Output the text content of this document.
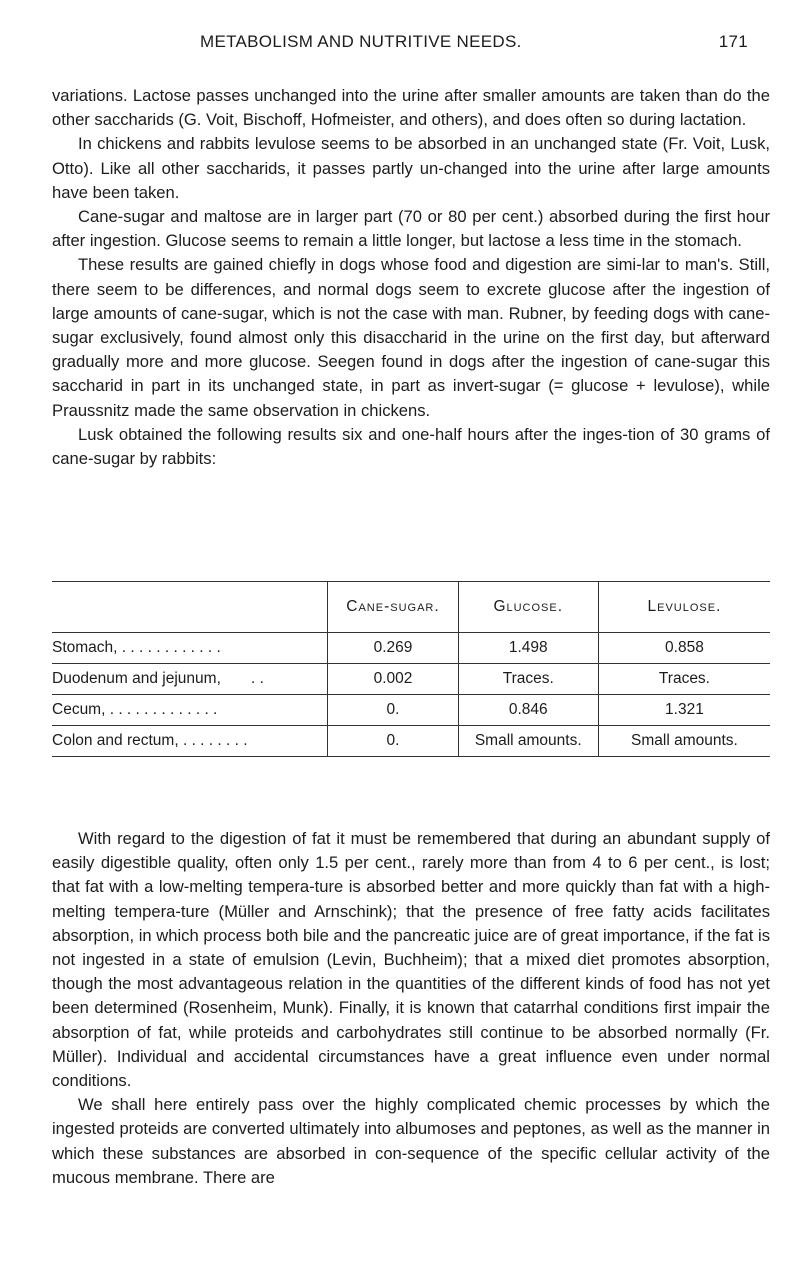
METABOLISM AND NUTRITIVE NEEDS.	171

variations. Lactose passes unchanged into the urine after smaller amounts are taken than do the other saccharids (G. Voit, Bischoff, Hofmeister, and others), and does often so during lactation.

In chickens and rabbits levulose seems to be absorbed in an unchanged state (Fr. Voit, Lusk, Otto). Like all other saccharids, it passes partly un-changed into the urine after large amounts have been taken.

Cane-sugar and maltose are in larger part (70 or 80 per cent.) absorbed during the first hour after ingestion. Glucose seems to remain a little longer, but lactose a less time in the stomach.

These results are gained chiefly in dogs whose food and digestion are simi-lar to man's. Still, there seem to be differences, and normal dogs seem to excrete glucose after the ingestion of large amounts of cane-sugar, which is not the case with man. Rubner, by feeding dogs with cane-sugar exclusively, found almost only this disaccharid in the urine on the first day, but afterward gradually more and more glucose. Seegen found in dogs after the ingestion of cane-sugar this saccharid in part in its unchanged state, in part as invert-sugar (= glucose + levulose), while Praussnitz made the same observation in chickens.

Lusk obtained the following results six and one-half hours after the inges-tion of 30 grams of cane-sugar by rabbits:

	Cane-sugar.	Glucose.	Levulose.
Stomach, . . . . . . . . . . . .	0.269	1.498	0.858
Duodenum and jejunum,       . .	0.002	Traces.	Traces.
Cecum, . . . . . . . . . . . . .	0.	0.846	1.321
Colon and rectum, . . . . . . . .	0.	Small amounts.	Small amounts.

With regard to the digestion of fat it must be remembered that during an abundant supply of easily digestible quality, often only 1.5 per cent., rarely more than from 4 to 6 per cent., is lost; that fat with a low-melting tempera-ture is absorbed better and more quickly than fat with a high-melting tempera-ture (Müller and Arnschink); that the presence of free fatty acids facilitates absorption, in which process both bile and the pancreatic juice are of great importance, if the fat is not ingested in a state of emulsion (Levin, Buchheim); that a mixed diet promotes absorption, though the most advantageous relation in the quantities of the different kinds of food has not yet been determined (Rosenheim, Munk). Finally, it is known that catarrhal conditions first impair the absorption of fat, while proteids and carbohydrates still continue to be absorbed normally (Fr. Müller). Individual and accidental circumstances have a great influence even under normal conditions.

We shall here entirely pass over the highly complicated chemic processes by which the ingested proteids are converted ultimately into albumoses and peptones, as well as the manner in which these substances are absorbed in con-sequence of the specific cellular activity of the mucous membrane. There are
